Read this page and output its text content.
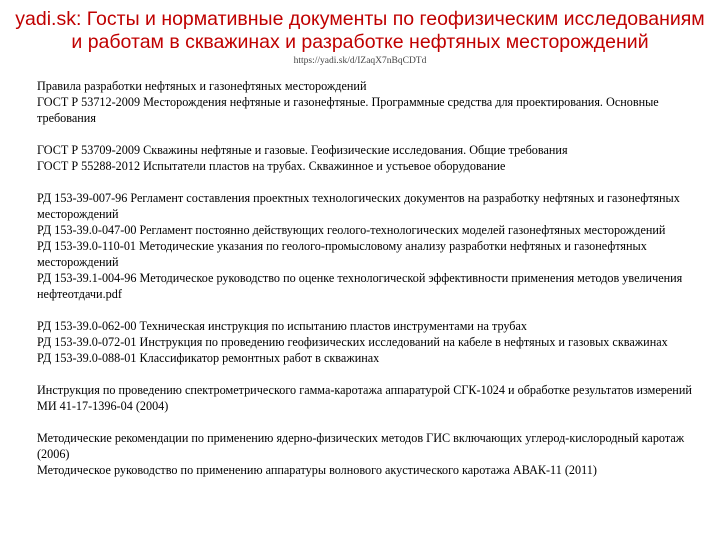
yadi.sk: Госты и нормативные документы по геофизическим исследованиям и работам в скважинах и разработке нефтяных месторождений
https://yadi.sk/d/IZaqX7nBqCDTd
Правила разработки нефтяных и газонефтяных месторождений
ГОСТ Р 53712-2009 Месторождения нефтяные и газонефтяные. Программные средства для проектирования. Основные требования
ГОСТ Р 53709-2009 Скважины нефтяные и газовые. Геофизические исследования. Общие требования
ГОСТ Р 55288-2012 Испытатели пластов на трубах. Скважинное и устьевое оборудование
РД 153-39-007-96 Регламент составления проектных технологических документов на разработку нефтяных и газонефтяных месторождений
РД 153-39.0-047-00 Регламент постоянно действующих геолого-технологических моделей газонефтяных месторождений
РД 153-39.0-110-01 Методические указания по геолого-промысловому анализу разработки нефтяных и газонефтяных месторождений
РД 153-39.1-004-96 Методическое руководство по оценке технологической эффективности применения методов увеличения нефтеотдачи.pdf
РД 153-39.0-062-00 Техническая инструкция по испытанию пластов инструментами на трубах
РД 153-39.0-072-01 Инструкция по проведению геофизических исследований на кабеле в нефтяных и газовых скважинах
РД 153-39.0-088-01 Классификатор ремонтных работ в скважинах
Инструкция по проведению спектрометрического гамма-каротажа аппаратурой СГК-1024 и обработке результатов измерений МИ 41-17-1396-04 (2004)
Методические рекомендации по применению ядерно-физических методов ГИС включающих углерод-кислородный каротаж (2006)
Методическое руководство по применению аппаратуры волнового акустического каротажа АВАК-11 (2011)
